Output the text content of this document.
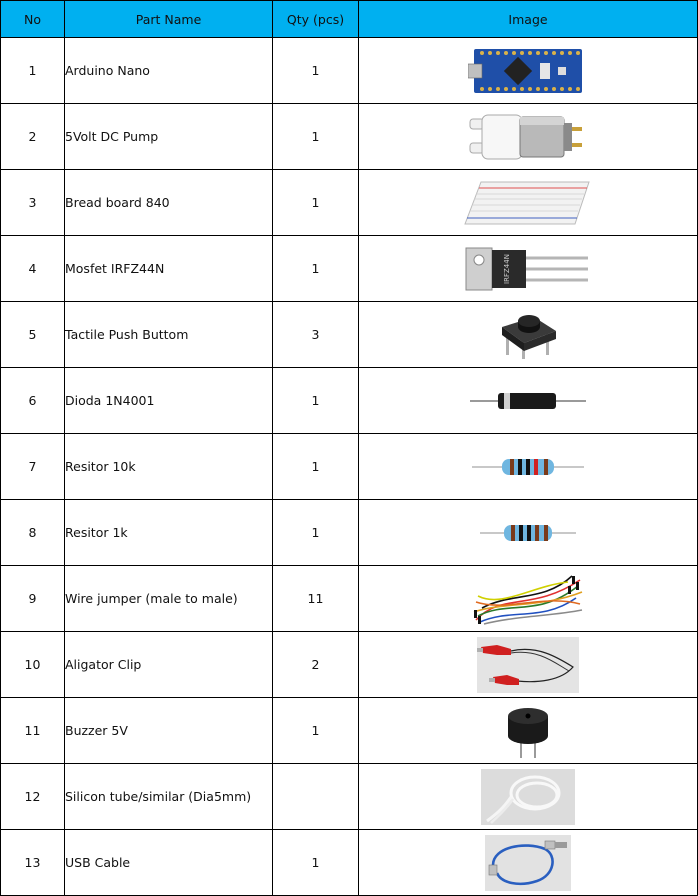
No	Part Name	Qty (pcs)	Image
1	Arduino Nano	1	

2	5Volt DC Pump	1	

3	Bread board 840	1	

4	Mosfet IRFZ44N	1	IRFZ44N

5	Tactile Push Buttom	3	

6	Dioda 1N4001	1	

7	Resitor 10k	1	

8	Resitor 1k	1	

9	Wire jumper (male to male)	11	

10	Aligator Clip	2	

11	Buzzer 5V	1	

12	Silicon tube/similar (Dia5mm)		

13	USB Cable	1	
